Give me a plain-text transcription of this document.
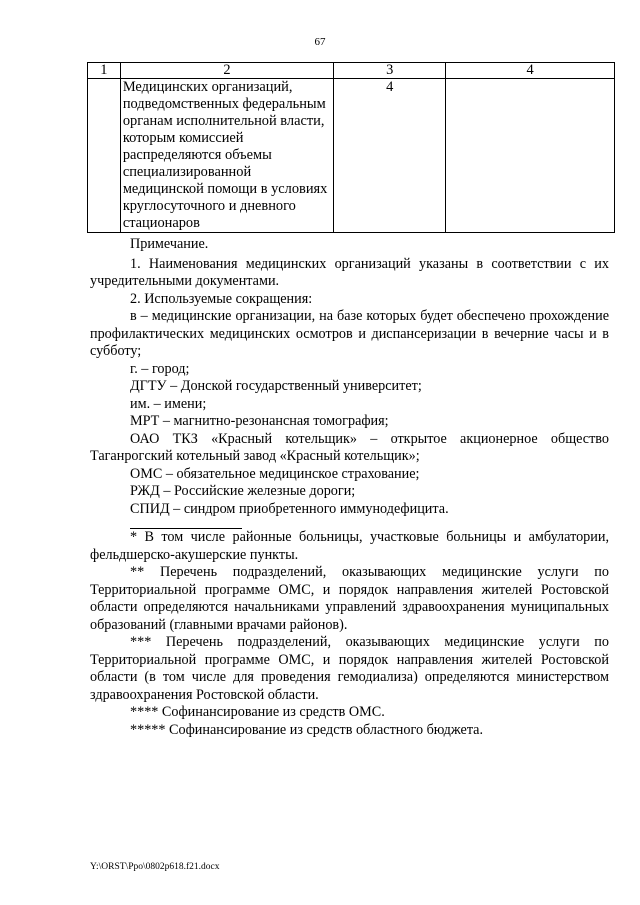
67
1	2	3	4
	Медицинских организаций, подведомственных федеральным органам исполнительной власти, которым комиссией распределяются объемы специализированной медицинской помощи в условиях круглосуточного и дневного стационаров	4	

Примечание.

1. Наименования медицинских организаций указаны в соответствии с их учредительными документами.

2. Используемые сокращения:

в – медицинские организации, на базе которых будет обеспечено прохождение профилактических медицинских осмотров и диспансеризации в вечерние часы и в субботу;

г. – город;

ДГТУ – Донской государственный университет;

им. – имени;

МРТ – магнитно-резонансная томография;

ОАО ТКЗ «Красный котельщик» – открытое акционерное общество Таганрогский котельный завод «Красный котельщик»;

ОМС – обязательное медицинское страхование;

РЖД – Российские железные дороги;

СПИД – синдром приобретенного иммунодефицита.

* В том числе районные больницы, участковые больницы и амбулатории, фельдшерско-акушерские пункты.

** Перечень подразделений, оказывающих медицинские услуги по Территориальной программе ОМС, и порядок направления жителей Ростовской области определяются начальниками управлений здравоохранения муниципальных образований (главными врачами районов).

*** Перечень подразделений, оказывающих медицинские услуги по Территориальной программе ОМС, и порядок направления жителей Ростовской области (в том числе для проведения гемодиализа) определяются министерством здравоохранения Ростовской области.

**** Софинансирование из средств ОМС.

***** Софинансирование из средств областного бюджета.

Y:\ORST\Ppo\0802p618.f21.docx
